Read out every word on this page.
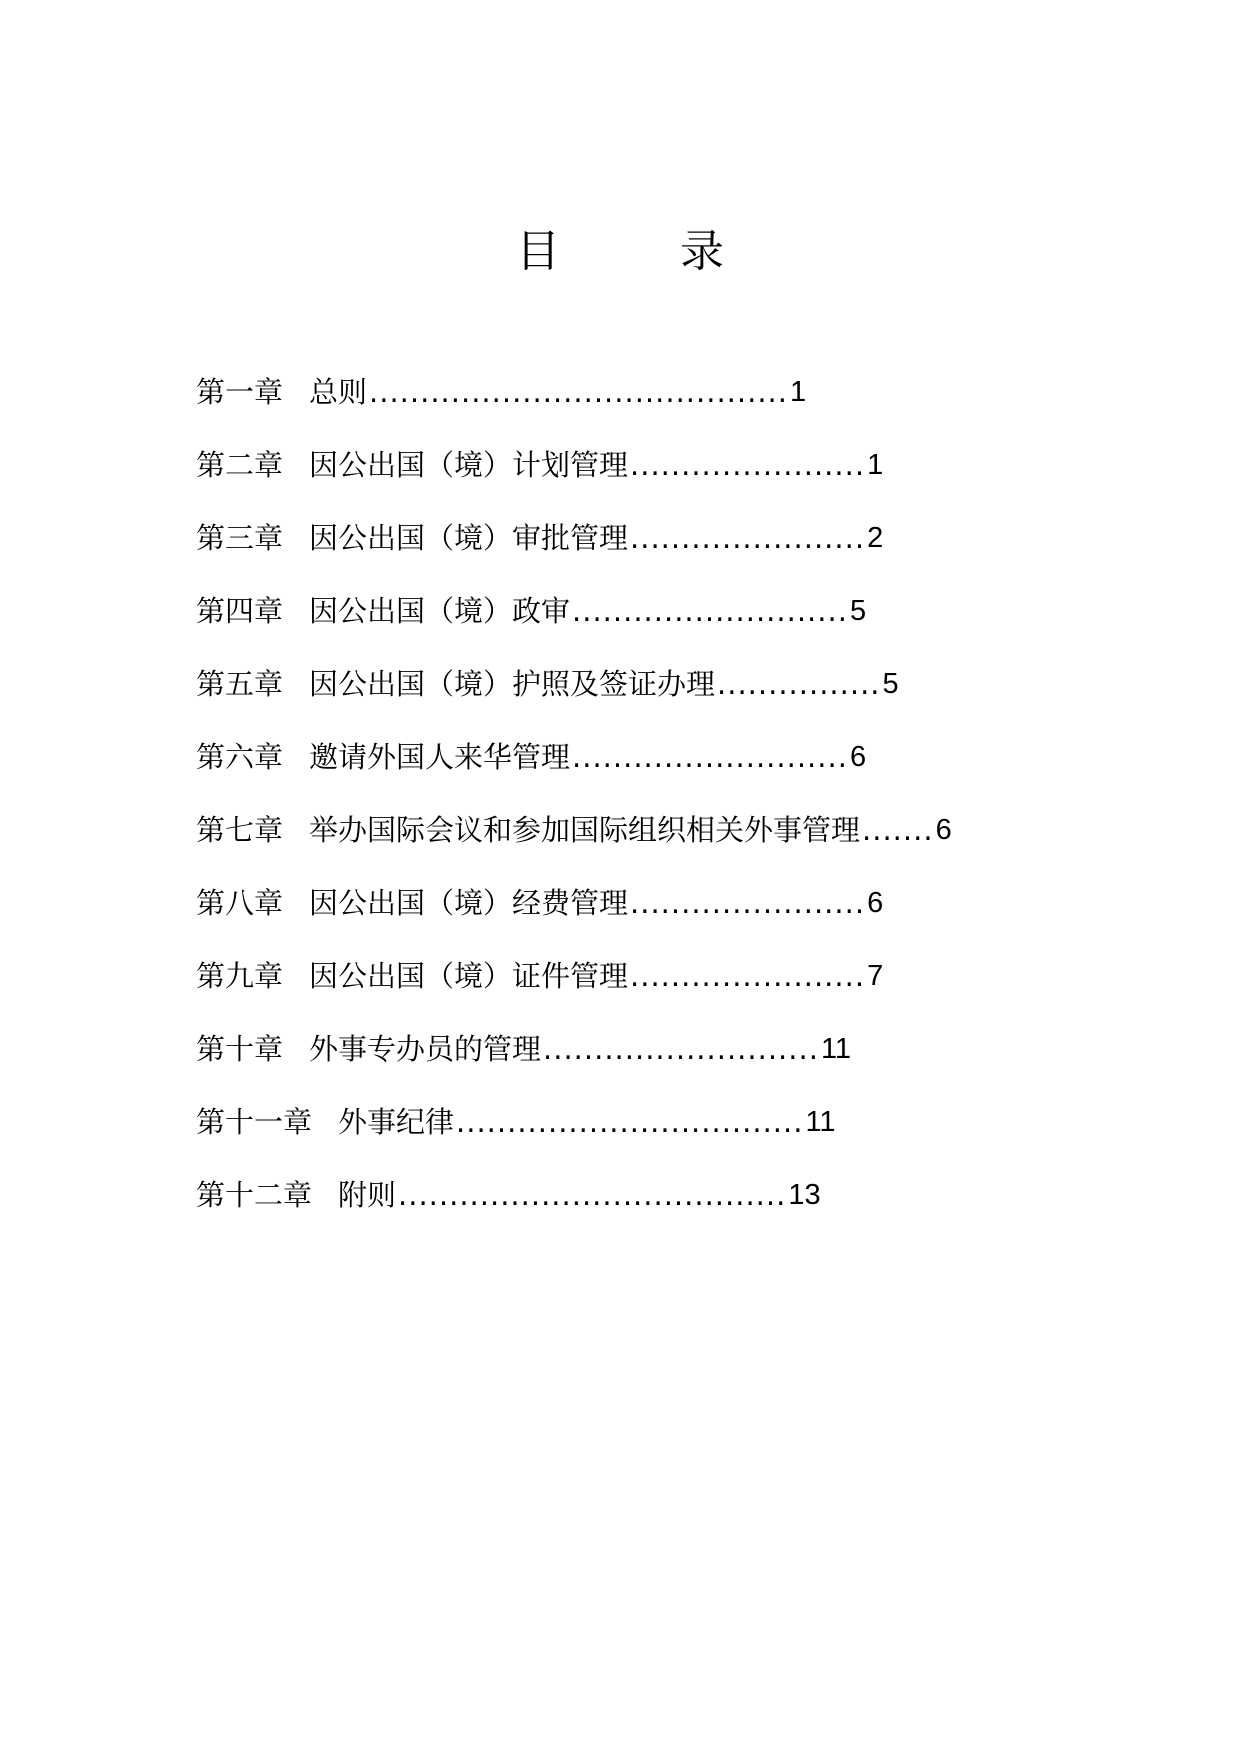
目　录
第一章 总则 ......................................... 1
第二章 因公出国（境）计划管理 ....................... 1
第三章 因公出国（境）审批管理 ....................... 2
第四章 因公出国（境）政审 ........................... 5
第五章 因公出国（境）护照及签证办理 ................ 5
第六章 邀请外国人来华管理 ........................... 6
第七章 举办国际会议和参加国际组织相关外事管理 ....... 6
第八章 因公出国（境）经费管理 ....................... 6
第九章 因公出国（境）证件管理 ....................... 7
第十章 外事专办员的管理 ........................... 11
第十一章 外事纪律 .................................. 11
第十二章 附则 ...................................... 13
